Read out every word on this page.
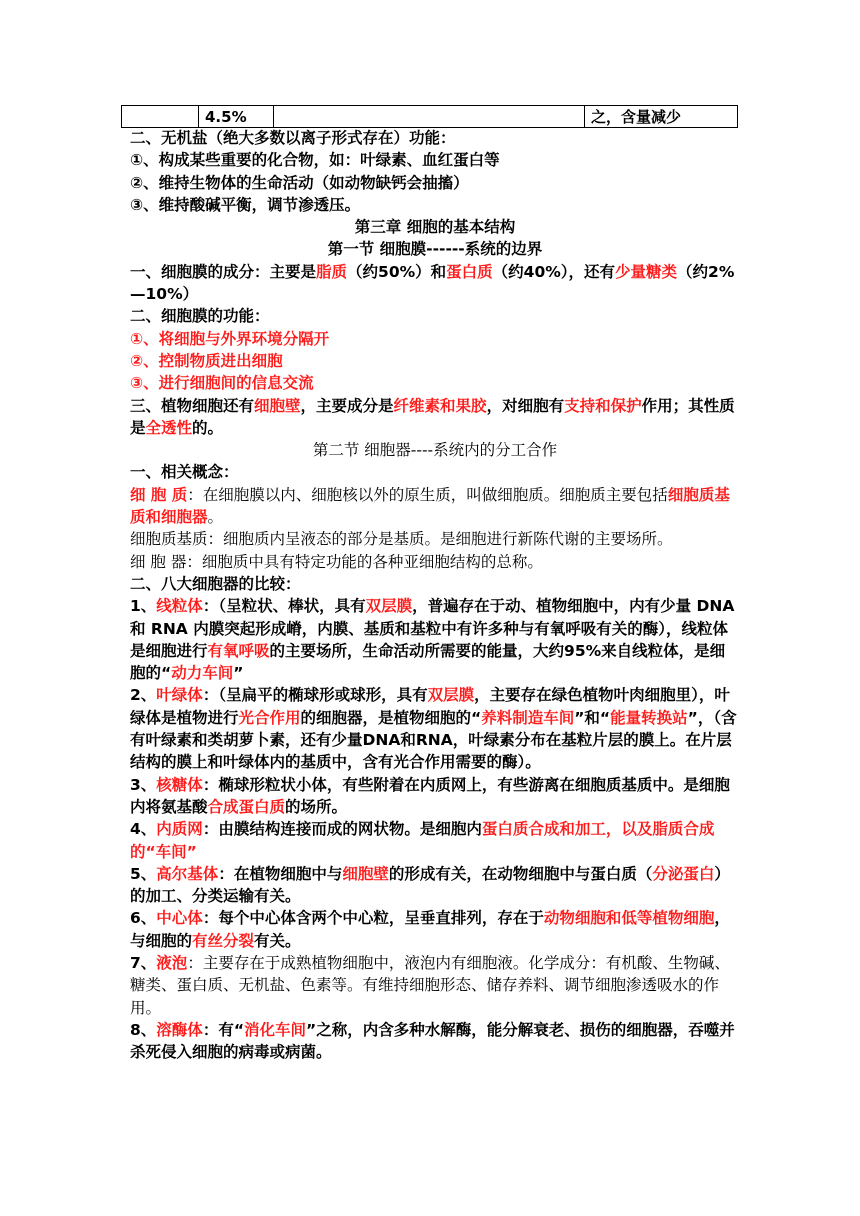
	4.5%		之，含量减少

二、无机盐（绝大多数以离子形式存在）功能：

①、构成某些重要的化合物，如：叶绿素、血红蛋白等

②、维持生物体的生命活动（如动物缺钙会抽搐）

③、维持酸碱平衡，调节渗透压。

第三章 细胞的基本结构

第一节 细胞膜------系统的边界

一、细胞膜的成分：主要是脂质（约50%）和蛋白质（约40%），还有少量糖类（约2%—10%）

二、细胞膜的功能：

①、将细胞与外界环境分隔开

②、控制物质进出细胞

③、进行细胞间的信息交流

三、植物细胞还有细胞壁，主要成分是纤维素和果胶，对细胞有支持和保护作用；其性质是全透性的。

第二节 细胞器----系统内的分工合作

一、相关概念：

细 胞 质：在细胞膜以内、细胞核以外的原生质，叫做细胞质。细胞质主要包括细胞质基质和细胞器。

细胞质基质：细胞质内呈液态的部分是基质。是细胞进行新陈代谢的主要场所。

细 胞 器：细胞质中具有特定功能的各种亚细胞结构的总称。

二、八大细胞器的比较：

1、线粒体：（呈粒状、棒状，具有双层膜，普遍存在于动、植物细胞中，内有少量 DNA 和 RNA 内膜突起形成嵴，内膜、基质和基粒中有许多种与有氧呼吸有关的酶），线粒体是细胞进行有氧呼吸的主要场所，生命活动所需要的能量，大约95%来自线粒体，是细胞的“动力车间”

2、叶绿体：（呈扁平的椭球形或球形，具有双层膜，主要存在绿色植物叶肉细胞里），叶绿体是植物进行光合作用的细胞器，是植物细胞的“养料制造车间”和“能量转换站”，（含有叶绿素和类胡萝卜素，还有少量DNA和RNA，叶绿素分布在基粒片层的膜上。在片层结构的膜上和叶绿体内的基质中，含有光合作用需要的酶）。

3、核糖体：椭球形粒状小体，有些附着在内质网上，有些游离在细胞质基质中。是细胞内将氨基酸合成蛋白质的场所。

4、内质网：由膜结构连接而成的网状物。是细胞内蛋白质合成和加工，以及脂质合成的“车间”

5、高尔基体：在植物细胞中与细胞壁的形成有关，在动物细胞中与蛋白质（分泌蛋白）的加工、分类运输有关。

6、中心体：每个中心体含两个中心粒，呈垂直排列，存在于动物细胞和低等植物细胞，与细胞的有丝分裂有关。

7、液泡：主要存在于成熟植物细胞中，液泡内有细胞液。化学成分：有机酸、生物碱、糖类、蛋白质、无机盐、色素等。有维持细胞形态、储存养料、调节细胞渗透吸水的作用。

8、溶酶体：有“消化车间”之称，内含多种水解酶，能分解衰老、损伤的细胞器，吞噬并杀死侵入细胞的病毒或病菌。
